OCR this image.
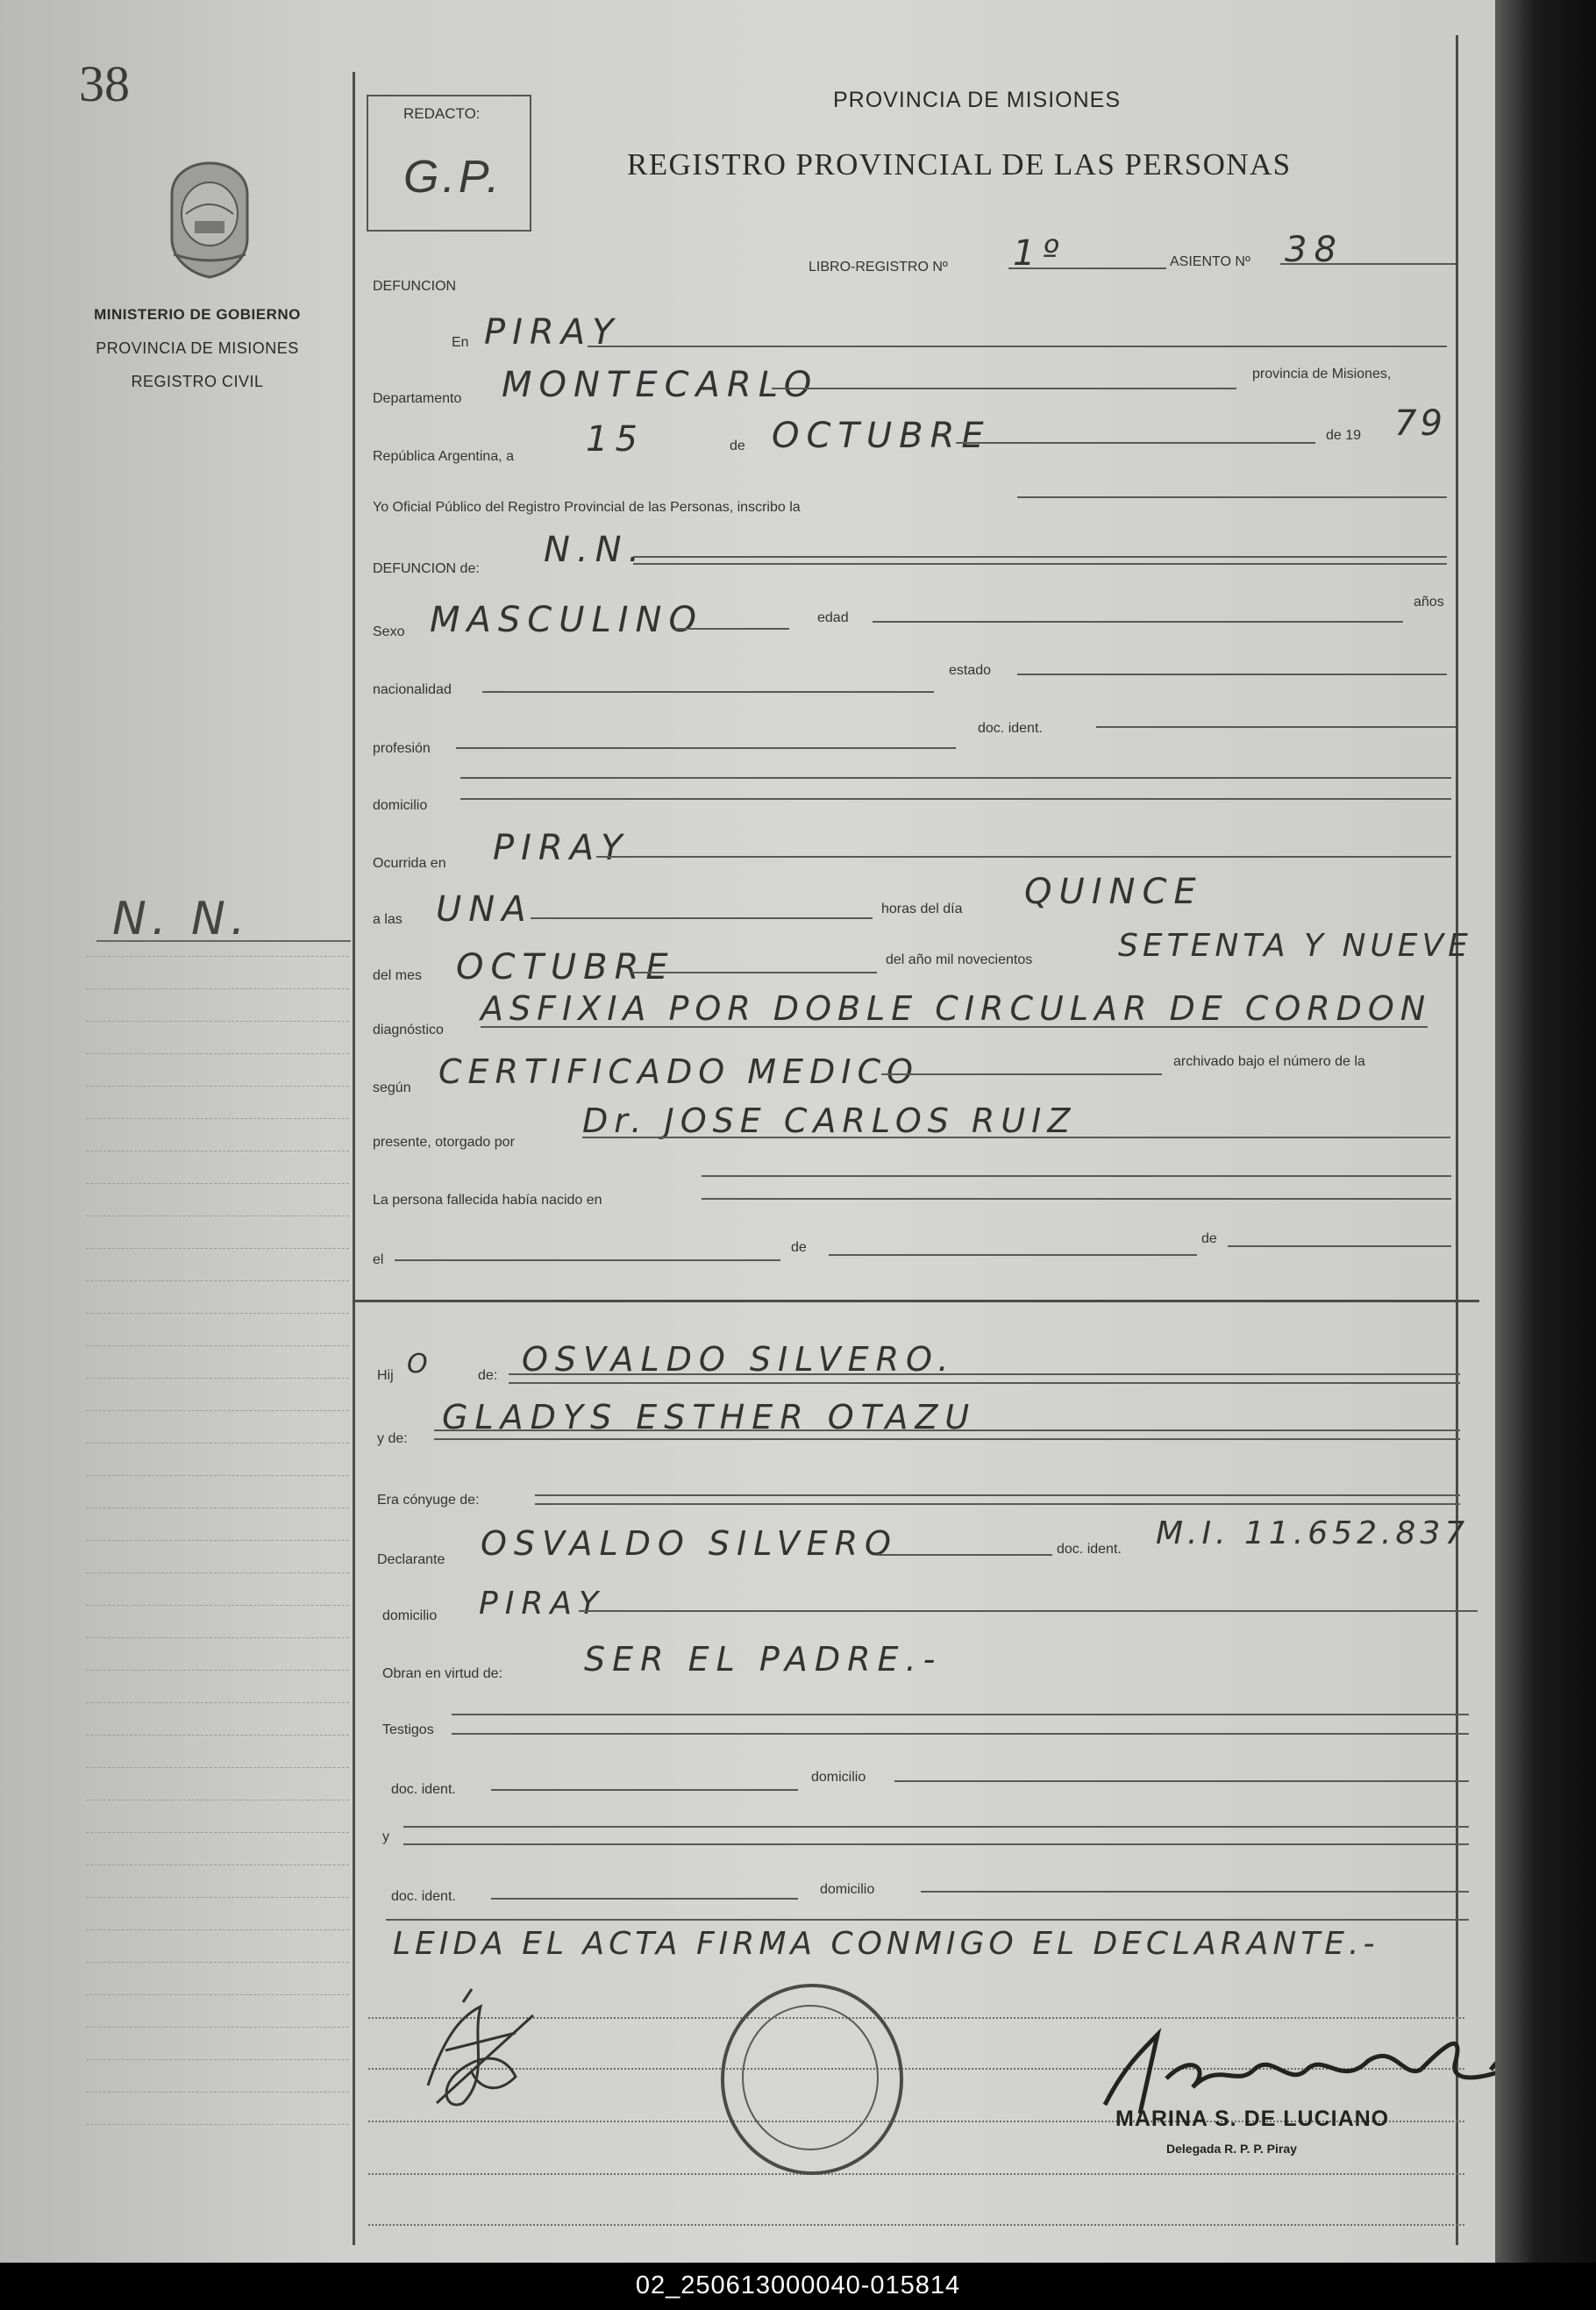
38
MINISTERIO DE GOBIERNO
PROVINCIA DE MISIONES
REGISTRO CIVIL
N. N.
REDACTO:
G.P.
PROVINCIA DE MISIONES
REGISTRO PROVINCIAL DE LAS PERSONAS
DEFUNCION
LIBRO-REGISTRO Nº 1º	ASIENTO Nº 38
En PIRAY
Departamento MONTECARLO	provincia de Misiones,
República Argentina, a 15	de OCTUBRE	de 19 79
Yo Oficial Público del Registro Provincial de las Personas, inscribo la
DEFUNCION de: N.N.
Sexo MASCULINO	edad
años
nacionalidad
estado
profesión
doc. ident.
domicilio
Ocurrida en PIRAY
a las UNA	horas del día QUINCE
del mes OCTUBRE	del año mil novecientos	SETENTA Y NUEVE
diagnóstico
ASFIXIA POR DOBLE CIRCULAR DE CORDON
según CERTIFICADO MEDICO	archivado bajo el número de la
presente, otorgado por
Dr. JOSE CARLOS RUIZ
La persona fallecida había nacido en
el
de
de
Hij O	de: OSVALDO SILVERO.
y de:
GLADYS ESTHER OTAZU
Era cónyuge de:
Declarante OSVALDO SILVERO	doc. ident. M.I. 11.652.837
domicilio PIRAY
Obran en virtud de: SER EL PADRE.-
Testigos
doc. ident.
domicilio
y
doc. ident.	domicilio
LEIDA EL ACTA FIRMA CONMIGO EL DECLARANTE.-
MARINA S. DE LUCIANO
Delegada R. P. P. Piray
02_250613000040-015814
